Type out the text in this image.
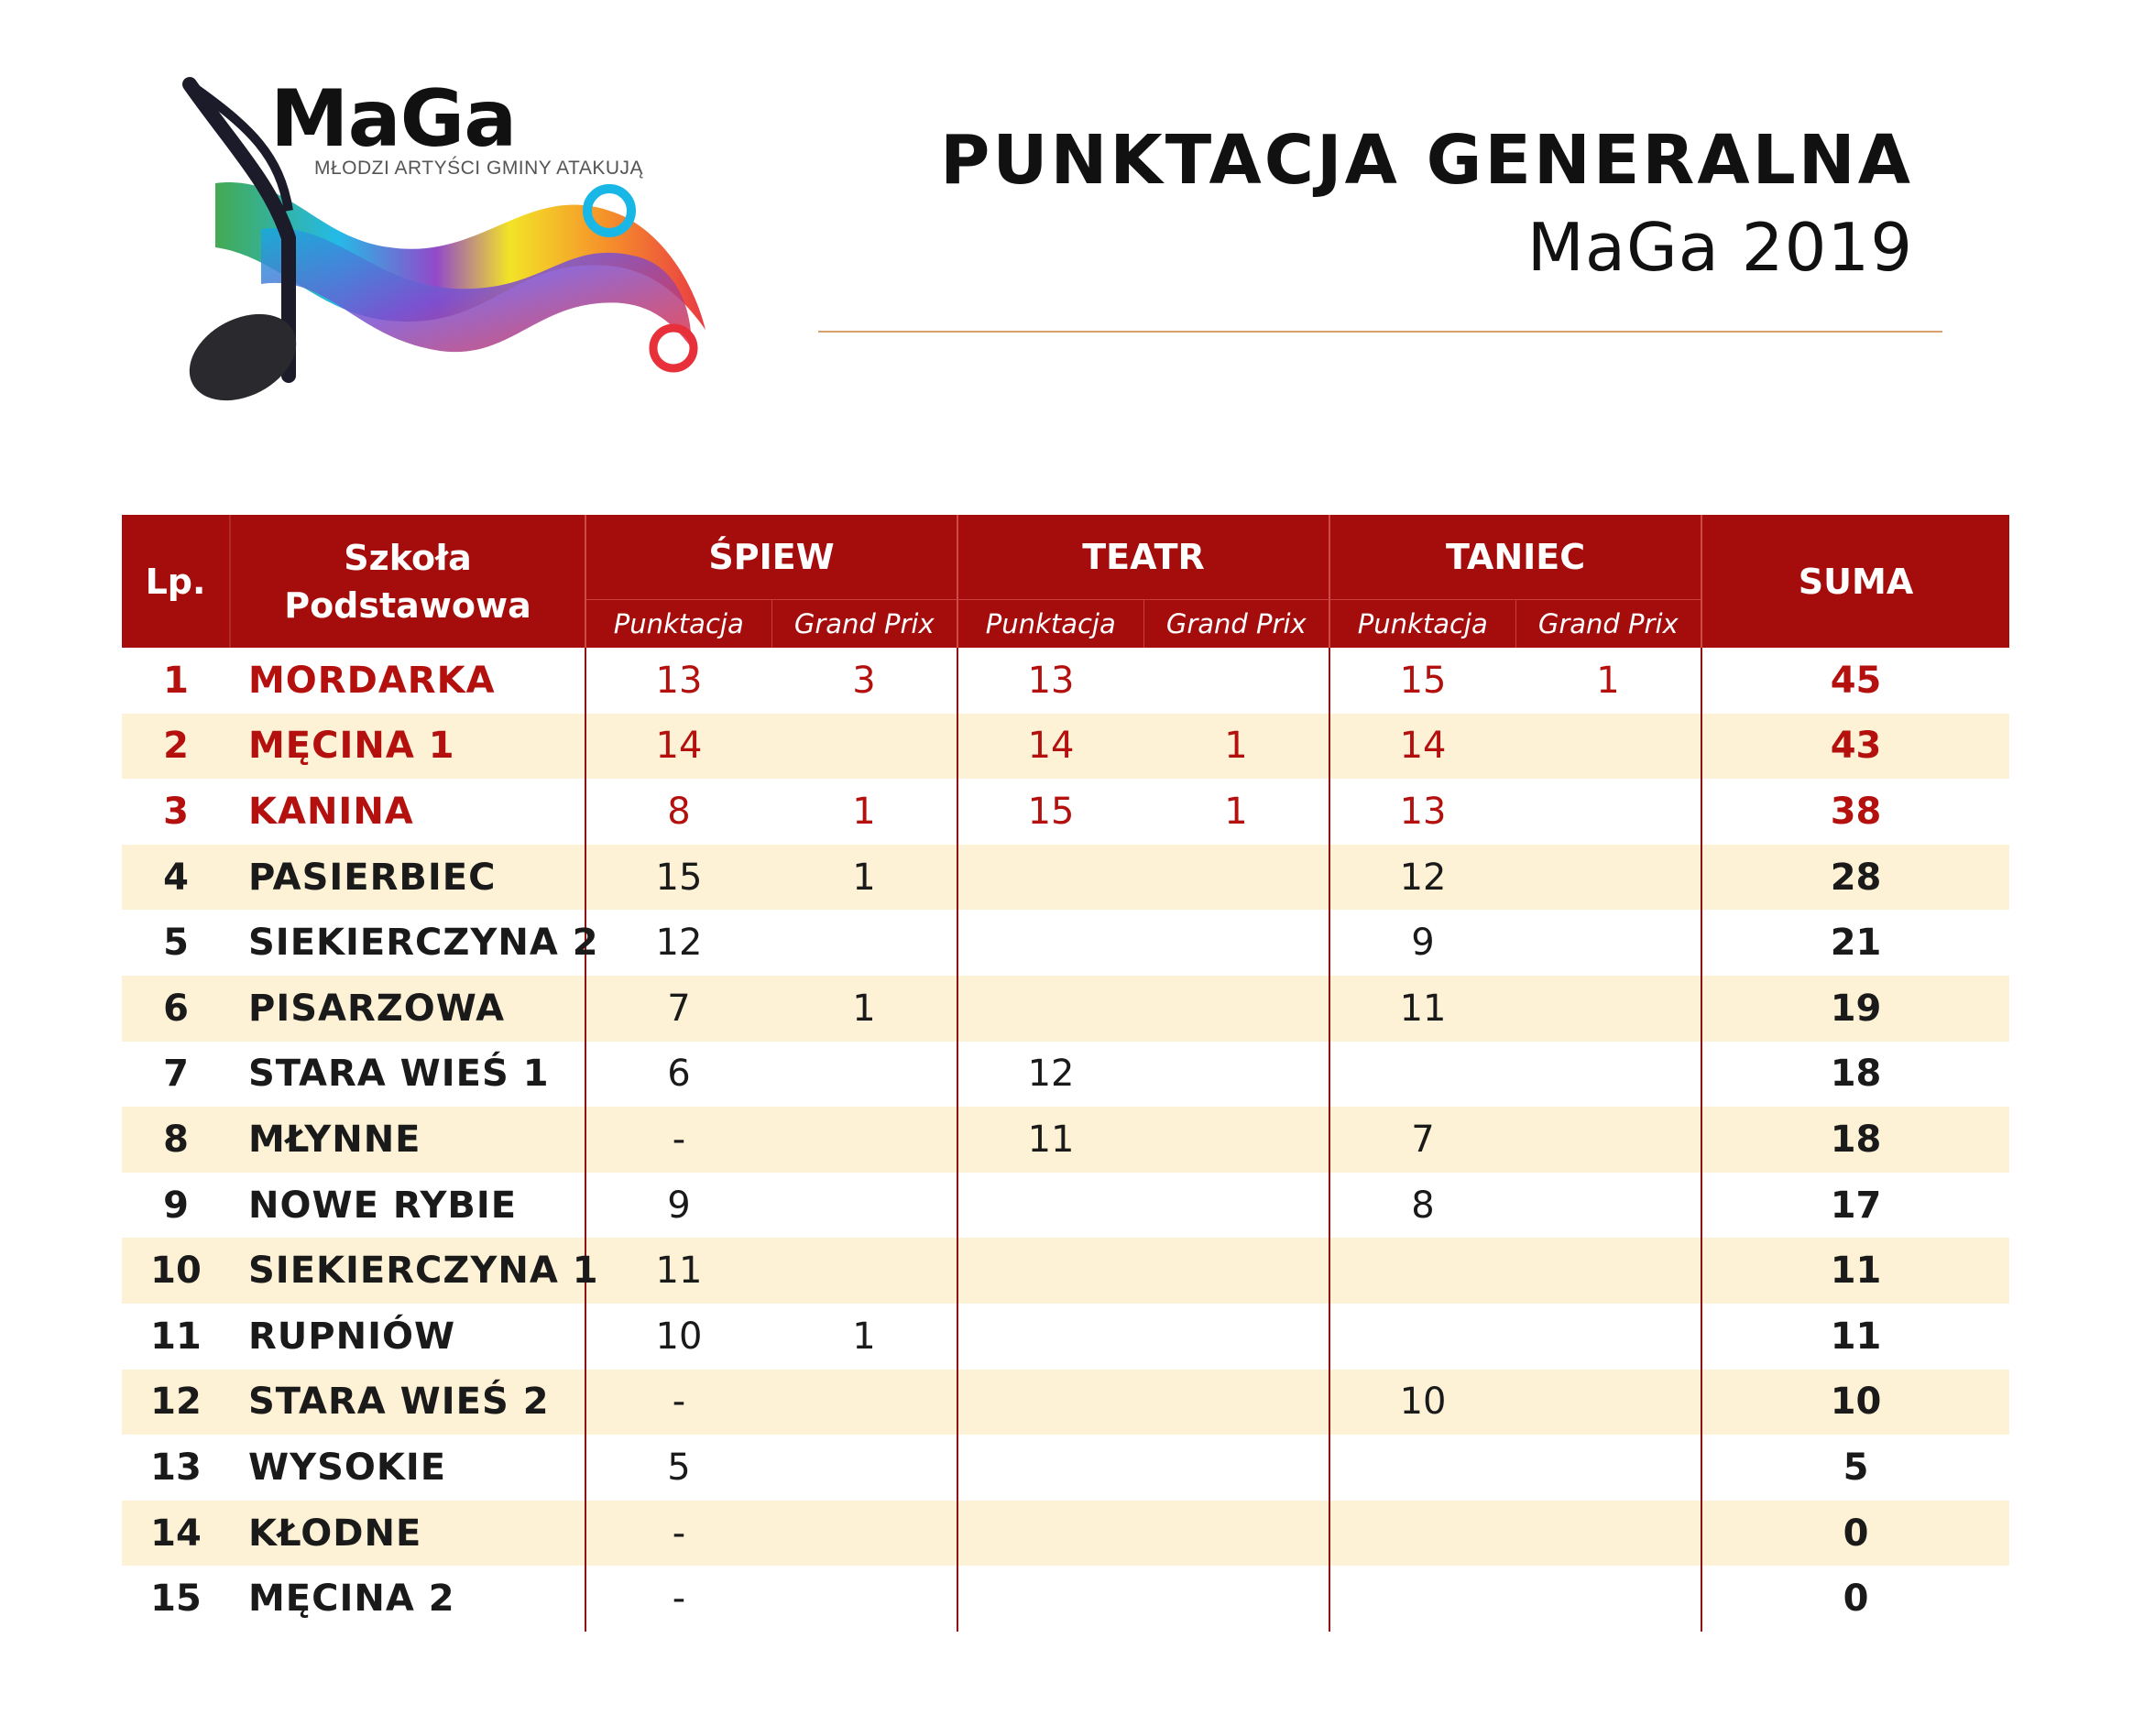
MaGa
MŁODZI ARTYŚCI GMINY ATAKUJĄ	PUNKTACJA GENERALNA
MaGa 2019
Lp.	Szkoła Podstawowa	ŚPIEW		TEATR		TANIEC		SUMA
		Punktacja	Grand Prix	Punktacja	Grand Prix	Punktacja	Grand Prix	
1	MORDARKA	13	3	13		15	1	45
2	MĘCINA 1	14		14	1	14		43
3	KANINA	8	1	15	1	13		38
4	PASIERBIEC	15	1			12		28
5	SIEKIERCZYNA 2	12				9		21
6	PISARZOWA	7	1			11		19
7	STARA WIEŚ 1	6		12				18
8	MŁYNNE	-		11		7		18
9	NOWE RYBIE	9				8		17
10	SIEKIERCZYNA 1	11						11
11	RUPNIÓW	10	1					11
12	STARA WIEŚ 2	-				10		10
13	WYSOKIE	5						5
14	KŁODNE	-						0
15	MĘCINA 2	-						0
